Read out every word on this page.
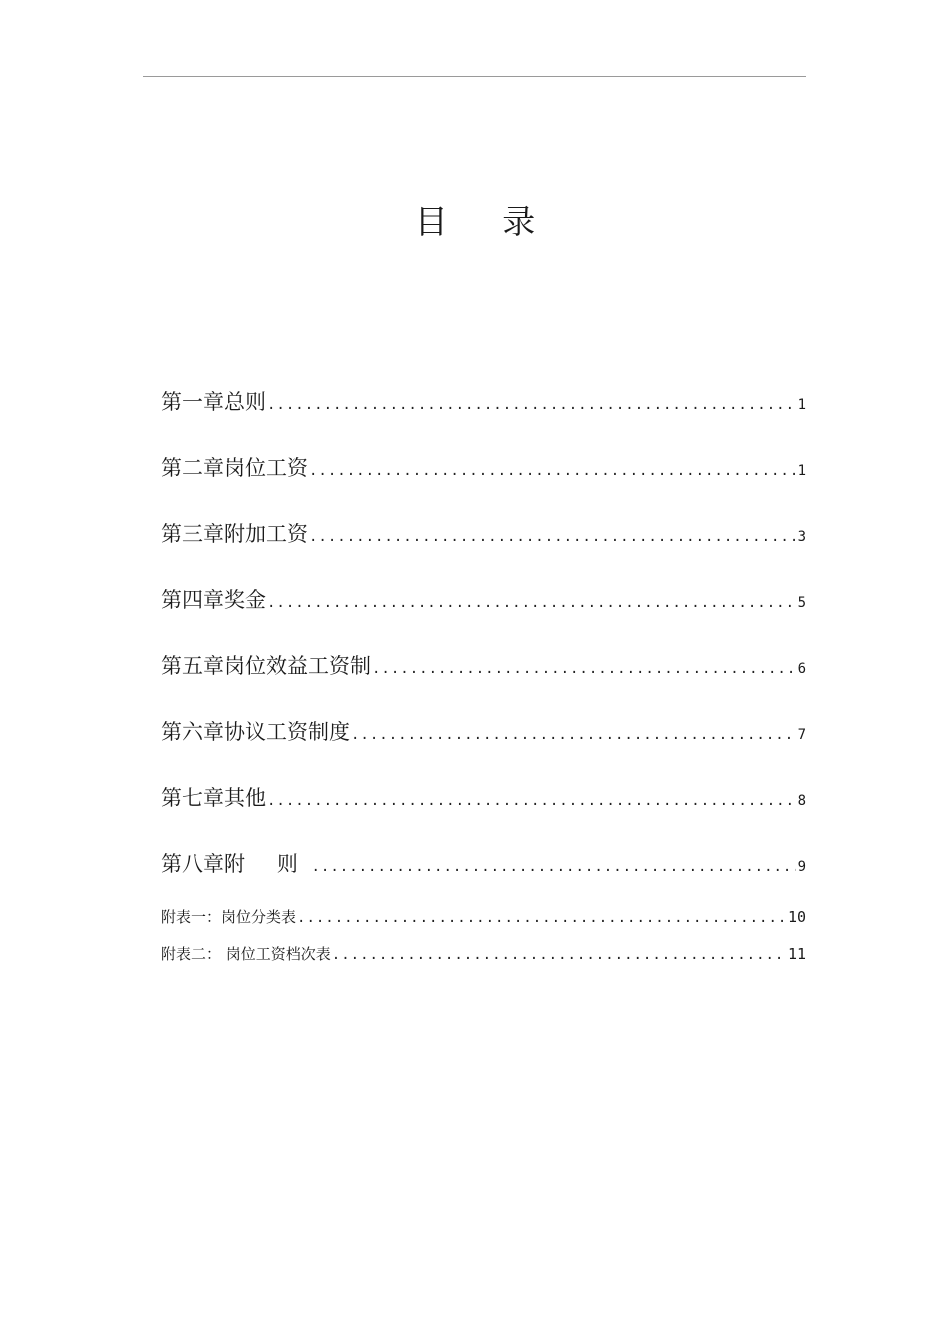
目 录
第一章 总则 .....	1
第二章 岗位工资 .....	1
第三章 附加工资 .....	3
第四章 奖金 .....	5
第五章 岗位效益工资制 .....	6
第六章 协议工资制度 .....	7
第七章 其他 .....	8
第八章 附 则 .....	9
附表一：岗位分类表 .....	10
附表二： 岗位工资档次表 .....	11
